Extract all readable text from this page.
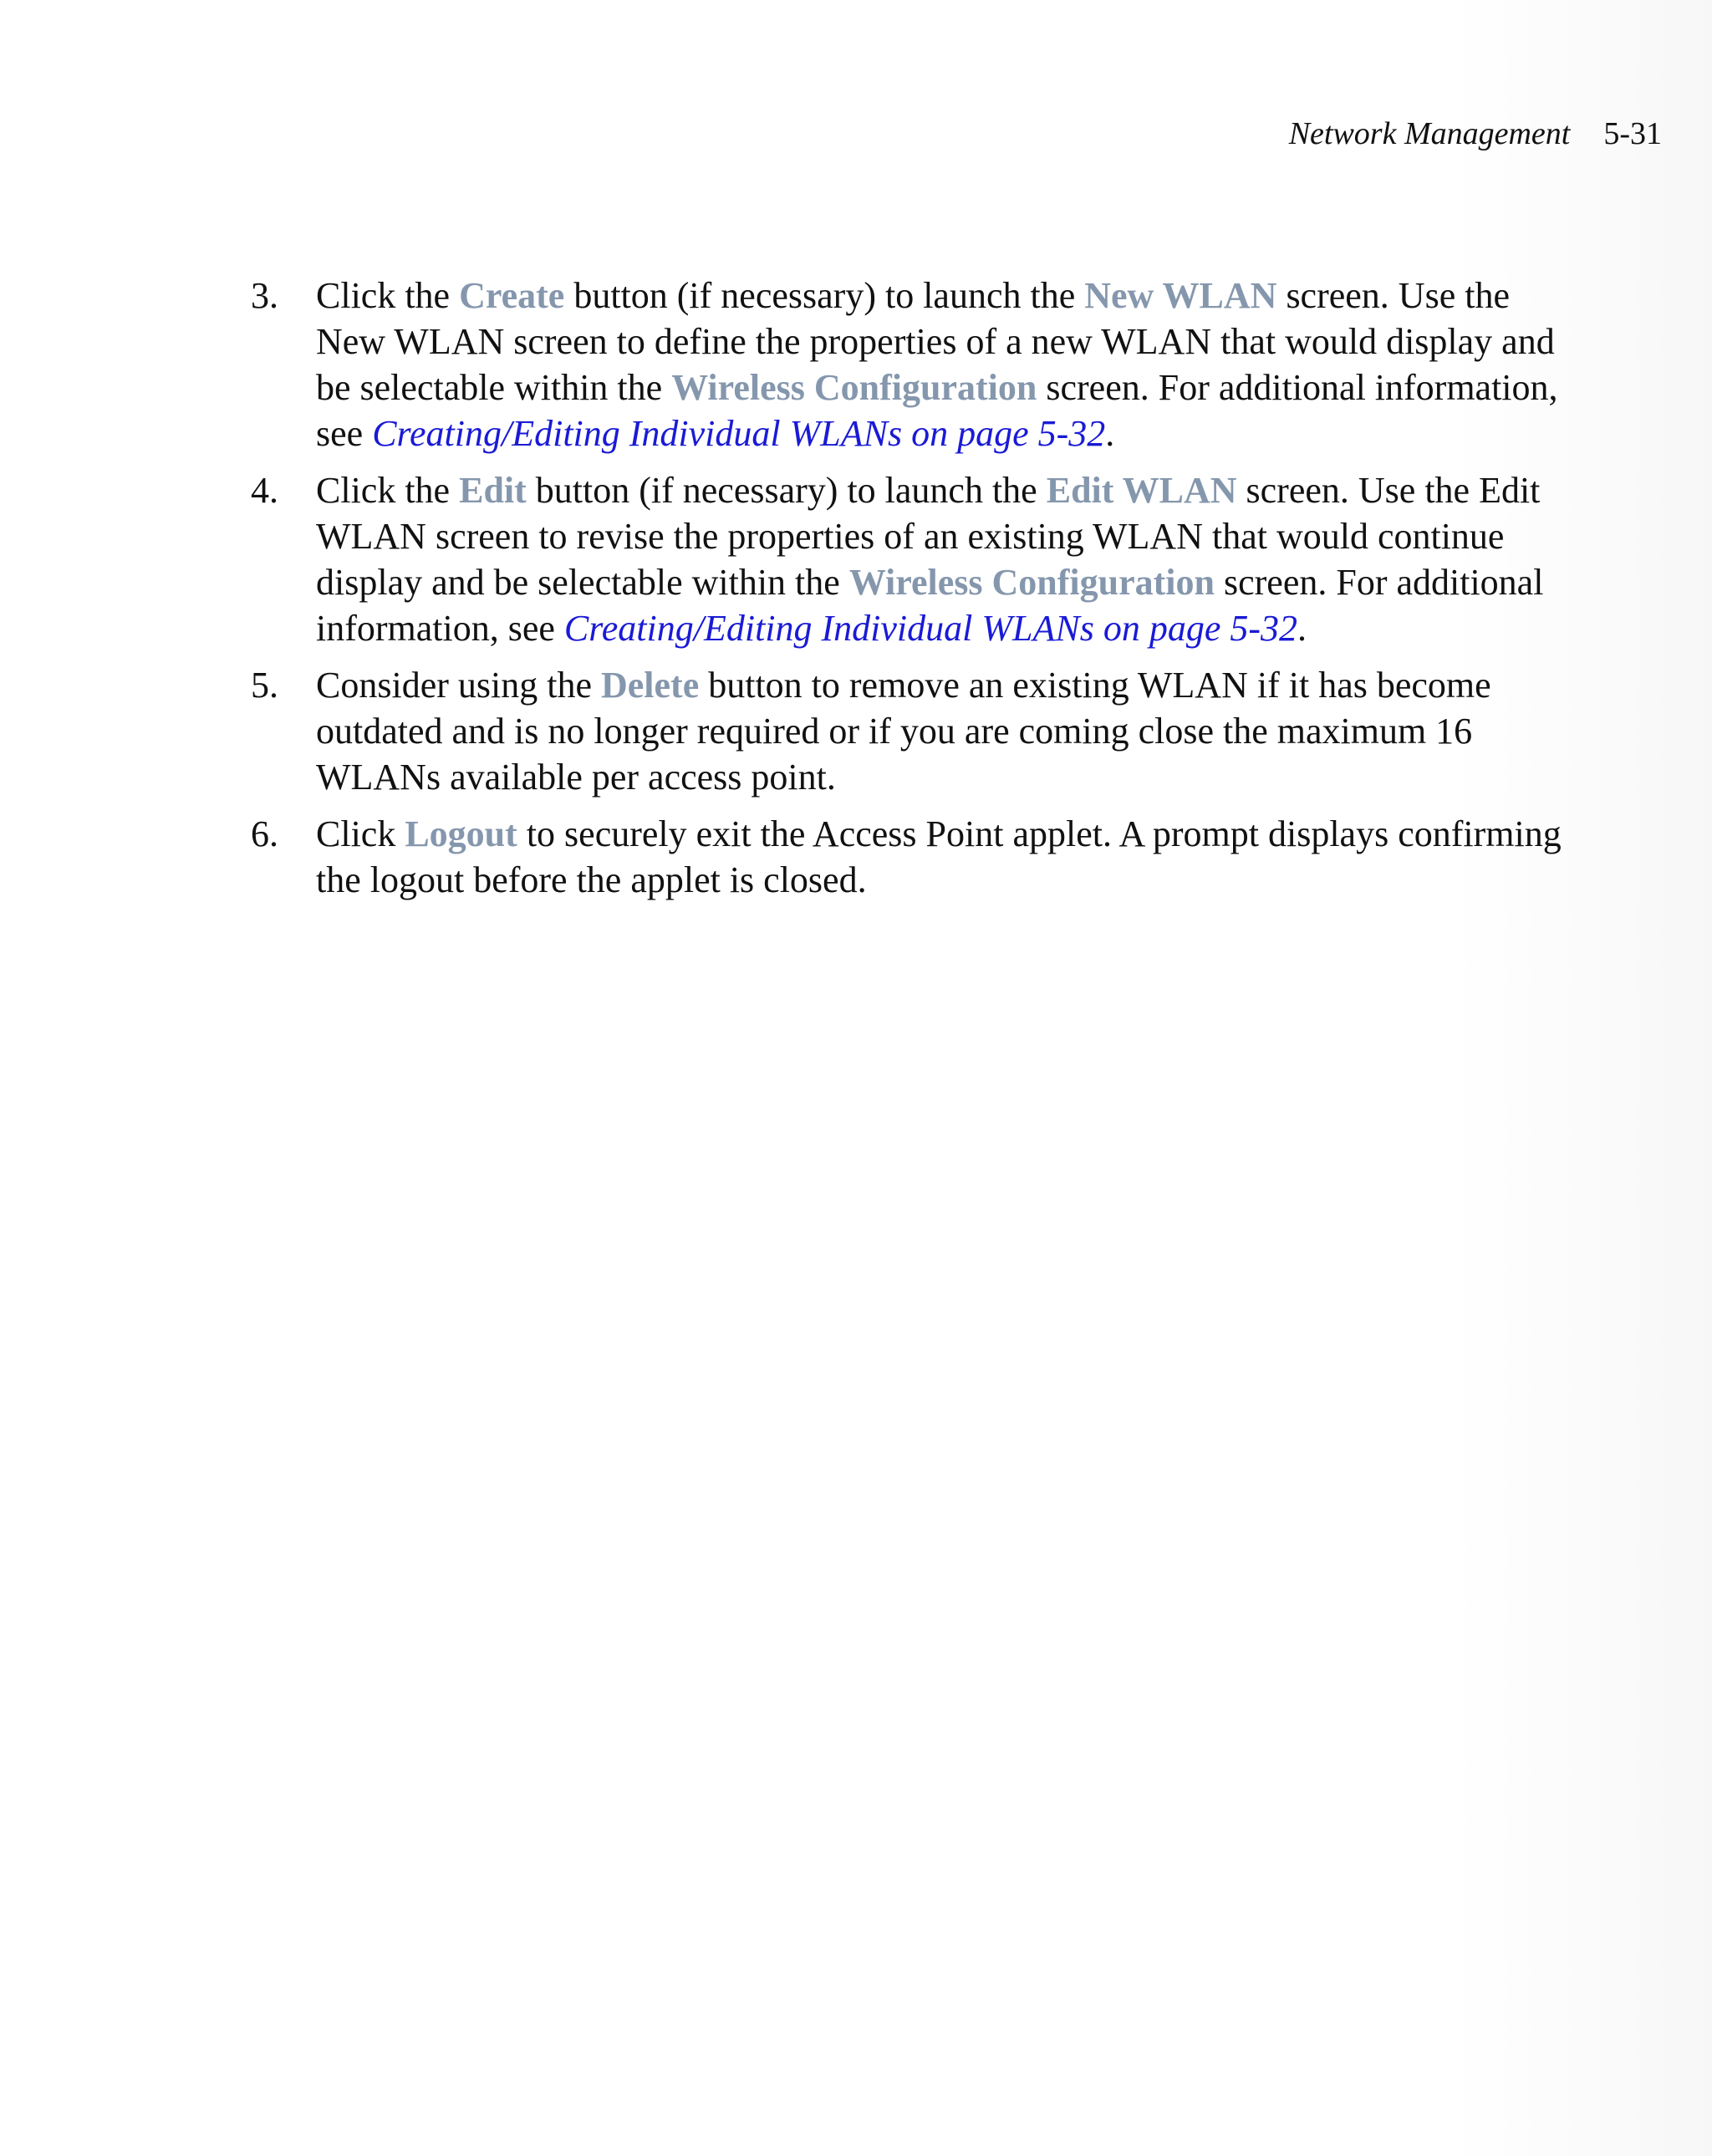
Network Management 5-31
3. Click the Create button (if necessary) to launch the New WLAN screen. Use the New WLAN screen to define the properties of a new WLAN that would display and be selectable within the Wireless Configuration screen. For additional information, see Creating/Editing Individual WLANs on page 5-32.
4. Click the Edit button (if necessary) to launch the Edit WLAN screen. Use the Edit WLAN screen to revise the properties of an existing WLAN that would continue display and be selectable within the Wireless Configuration screen. For additional information, see Creating/Editing Individual WLANs on page 5-32.
5. Consider using the Delete button to remove an existing WLAN if it has become outdated and is no longer required or if you are coming close the maximum 16 WLANs available per access point.
6. Click Logout to securely exit the Access Point applet. A prompt displays confirming the logout before the applet is closed.
